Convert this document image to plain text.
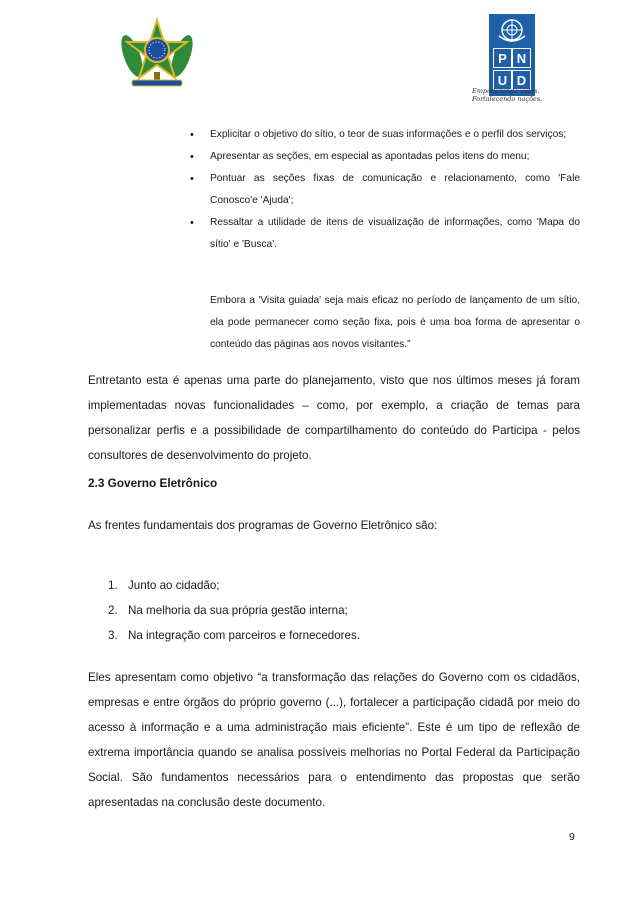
P N
U D
Empoderando vidas.
Fortalecendo nações.
• Explicitar o objetivo do sítio, o teor de suas informações e o perfil dos serviços;
• Apresentar as seções, em especial as apontadas pelos itens do menu;
• Pontuar as seções fixas de comunicação e relacionamento, como 'Fale Conosco'e 'Ajuda';
• Ressaltar a utilidade de itens de visualização de informações, como 'Mapa do sítio' e 'Busca'.
Embora a 'Visita guiada' seja mais eficaz no período de lançamento de um sítio, ela pode permanecer como seção fixa, pois é uma boa forma de apresentar o conteúdo das páginas aos novos visitantes.”
Entretanto esta é apenas uma parte do planejamento, visto que nos últimos meses já foram implementadas novas funcionalidades – como, por exemplo, a criação de temas para personalizar perfis e a possibilidade de compartilhamento do conteúdo do Participa - pelos consultores de desenvolvimento do projeto.
2.3 Governo Eletrônico
As frentes fundamentais dos programas de Governo Eletrônico são:
1. Junto ao cidadão;
2. Na melhoria da sua própria gestão interna;
3. Na integração com parceiros e fornecedores.
Eles apresentam como objetivo “a transformação das relações do Governo com os cidadãos, empresas e entre órgãos do próprio governo (...), fortalecer a participação cidadã por meio do acesso à informação e a uma administração mais eficiente”. Este é um tipo de reflexão de extrema importância quando se analisa possíveis melhorias no Portal Federal da Participação Social. São fundamentos necessários para o entendimento das propostas que serão apresentadas na conclusão deste documento.
9
